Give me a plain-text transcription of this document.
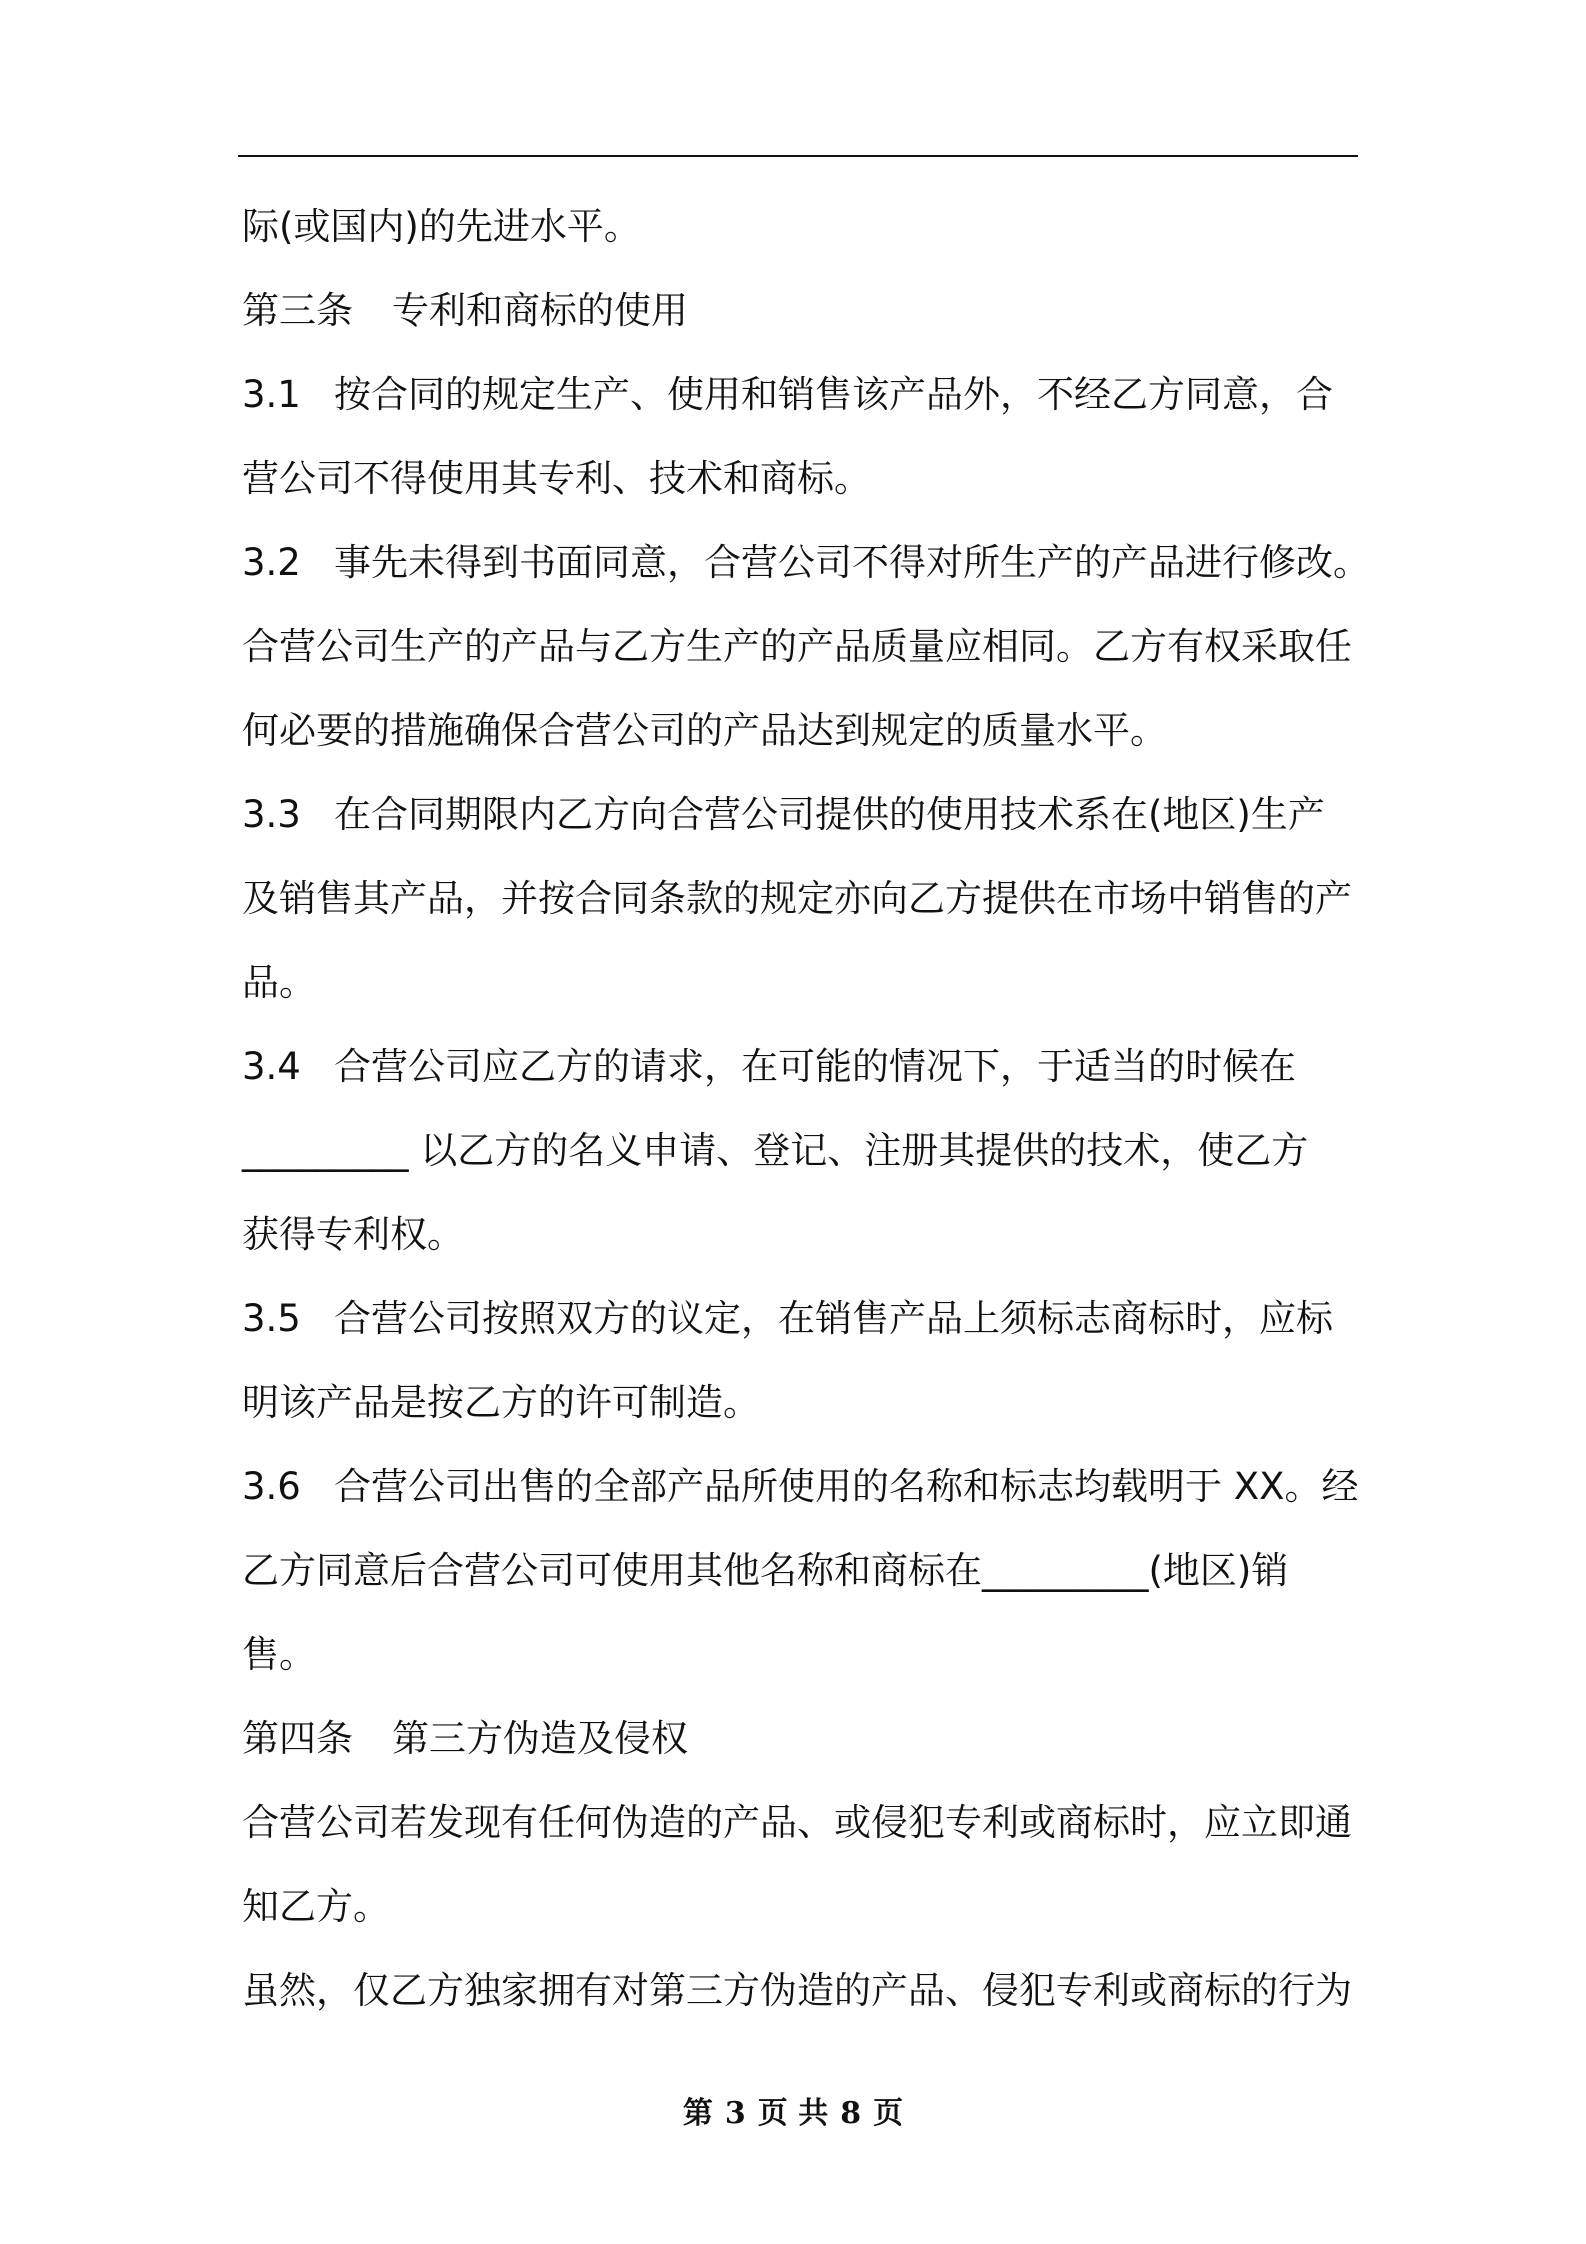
际(或国内)的先进水平。
第三条 专利和商标的使用
3.1 按合同的规定生产、使用和销售该产品外，不经乙方同意，合
营公司不得使用其专利、技术和商标。
3.2 事先未得到书面同意，合营公司不得对所生产的产品进行修改。
合营公司生产的产品与乙方生产的产品质量应相同。乙方有权采取任
何必要的措施确保合营公司的产品达到规定的质量水平。
3.3 在合同期限内乙方向合营公司提供的使用技术系在(地区)生产
及销售其产品，并按合同条款的规定亦向乙方提供在市场中销售的产
品。
3.4 合营公司应乙方的请求，在可能的情况下，于适当的时候在
_________ 以乙方的名义申请、登记、注册其提供的技术，使乙方
获得专利权。
3.5 合营公司按照双方的议定，在销售产品上须标志商标时，应标
明该产品是按乙方的许可制造。
3.6 合营公司出售的全部产品所使用的名称和标志均载明于 XX。经
乙方同意后合营公司可使用其他名称和商标在_________(地区)销
售。
第四条 第三方伪造及侵权
合营公司若发现有任何伪造的产品、或侵犯专利或商标时，应立即通
知乙方。
虽然，仅乙方独家拥有对第三方伪造的产品、侵犯专利或商标的行为
第 3 页 共 8 页
